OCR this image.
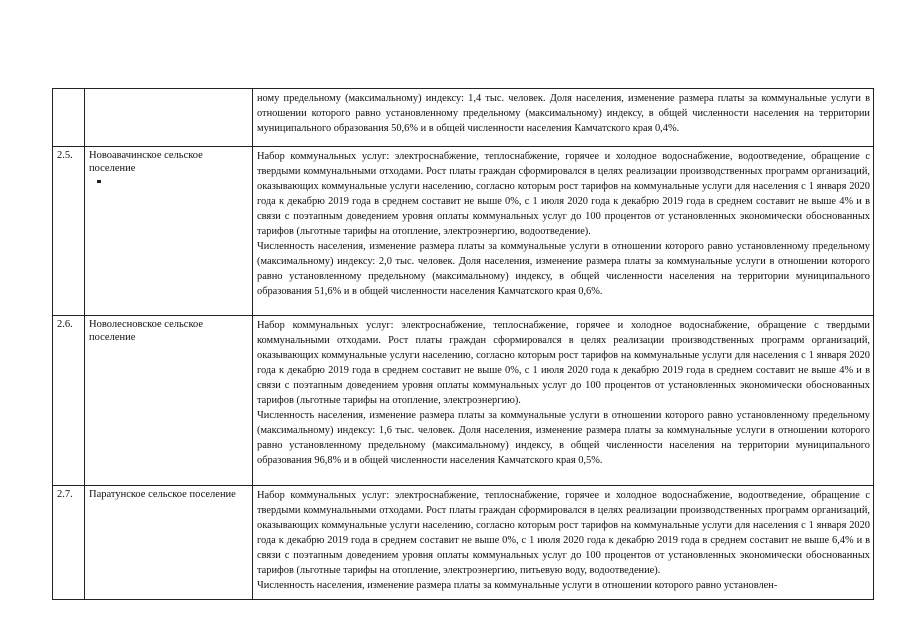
		ному предельному (максимальному) индексу: 1,4 тыс. человек. Доля населения, изменение размера платы за коммунальные услуги в отношении которого равно установленному предельному (максимальному) индексу, в общей численности населения на территории муниципального образования 50,6% и в общей численности населения Камчатского края 0,4%.

2.5.	Новоавачинское сельское поселение	Набор коммунальных услуг: электроснабжение, теплоснабжение, горячее и холодное водоснабжение, водоотведение, обращение с твердыми коммунальными отходами. Рост платы граждан сформировался в целях реализации производственных программ организаций, оказывающих коммунальные услуги населению, согласно которым рост тарифов на коммунальные услуги для населения с 1 января 2020 года к декабрю 2019 года в среднем составит не выше 0%, с 1 июля 2020 года к декабрю 2019 года в среднем составит не выше 4% и в связи с поэтапным доведением уровня оплаты коммунальных услуг до 100 процентов от установленных экономически обоснованных тарифов (льготные тарифы на отопление, электроэнергию, водоотведение).

Численность населения, изменение размера платы за коммунальные услуги в отношении которого равно установленному предельному (максимальному) индексу: 2,0 тыс. человек. Доля населения, изменение размера платы за коммунальные услуги в отношении которого равно установленному предельному (максимальному) индексу, в общей численности населения на территории муниципального образования 51,6% и в общей численности населения Камчатского края 0,6%.

2.6.	Новолесновское сельское поселение	Набор коммунальных услуг: электроснабжение, теплоснабжение, горячее и холодное водоснабжение, обращение с твердыми коммунальными отходами. Рост платы граждан сформировался в целях реализации производственных программ организаций, оказывающих коммунальные услуги населению, согласно которым рост тарифов на коммунальные услуги для населения с 1 января 2020 года к декабрю 2019 года в среднем составит не выше 0%, с 1 июля 2020 года к декабрю 2019 года в среднем составит не выше 4% и в связи с поэтапным доведением уровня оплаты коммунальных услуг до 100 процентов от установленных экономически обоснованных тарифов (льготные тарифы на отопление, электроэнергию).

Численность населения, изменение размера платы за коммунальные услуги в отношении которого равно установленному предельному (максимальному) индексу: 1,6 тыс. человек. Доля населения, изменение размера платы за коммунальные услуги в отношении которого равно установленному предельному (максимальному) индексу, в общей численности населения на территории муниципального образования 96,8% и в общей численности населения Камчатского края 0,5%.

2.7.	Паратунское сельское поселение	Набор коммунальных услуг: электроснабжение, теплоснабжение, горячее и холодное водоснабжение, водоотведение, обращение с твердыми коммунальными отходами. Рост платы граждан сформировался в целях реализации производственных программ организаций, оказывающих коммунальные услуги населению, согласно которым рост тарифов на коммунальные услуги для населения с 1 января 2020 года к декабрю 2019 года в среднем составит не выше 0%, с 1 июля 2020 года к декабрю 2019 года в среднем составит не выше 6,4% и в связи с поэтапным доведением уровня оплаты коммунальных услуг до 100 процентов от установленных экономически обоснованных тарифов (льготные тарифы на отопление, электроэнергию, питьевую воду, водоотведение).

Численность населения, изменение размера платы за коммунальные услуги в отношении которого равно установлен-
